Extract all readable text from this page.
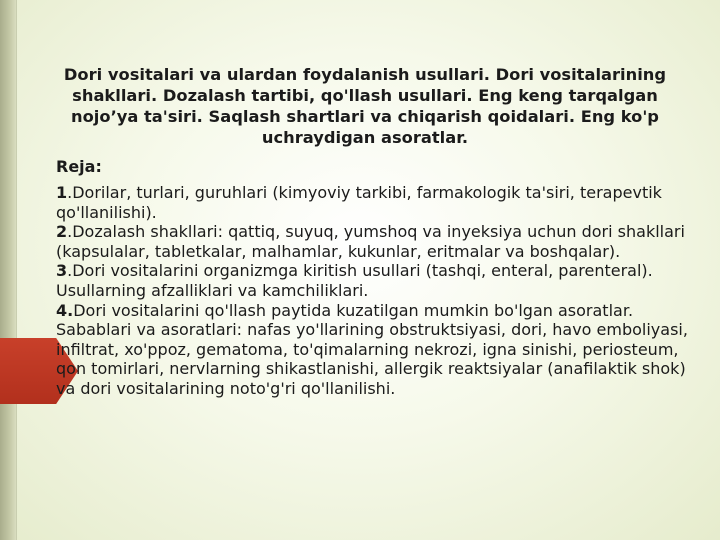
Dori vositalari va ulardan foydalanish usullari. Dori vositalarining shakllari. Dozalash tartibi, qo'llash usullari. Eng keng tarqalgan nojo’ya ta'siri. Saqlash shartlari va chiqarish qoidalari. Eng ko'p uchraydigan asoratlar.

Reja:

1.Dorilar, turlari, guruhlari (kimyoviy tarkibi, farmakologik ta'siri, terapevtik qo'llanilishi).

2.Dozalash shakllari: qattiq, suyuq, yumshoq va inyeksiya uchun dori shakllari (kapsulalar, tabletkalar, malhamlar, kukunlar, eritmalar va boshqalar).

3.Dori vositalarini organizmga kiritish usullari (tashqi, enteral, parenteral). Usullarning afzalliklari va kamchiliklari.

4.Dori vositalarini qo'llash paytida kuzatilgan mumkin bo'lgan asoratlar. Sabablari va asoratlari: nafas yo'llarining obstruktsiyasi, dori, havo emboliyasi, infiltrat, xo'ppoz, gematoma, to'qimalarning nekrozi, igna sinishi, periosteum, qon tomirlari, nervlarning shikastlanishi, allergik reaktsiyalar (anafilaktik shok) va dori vositalarining noto'g'ri qo'llanilishi.
